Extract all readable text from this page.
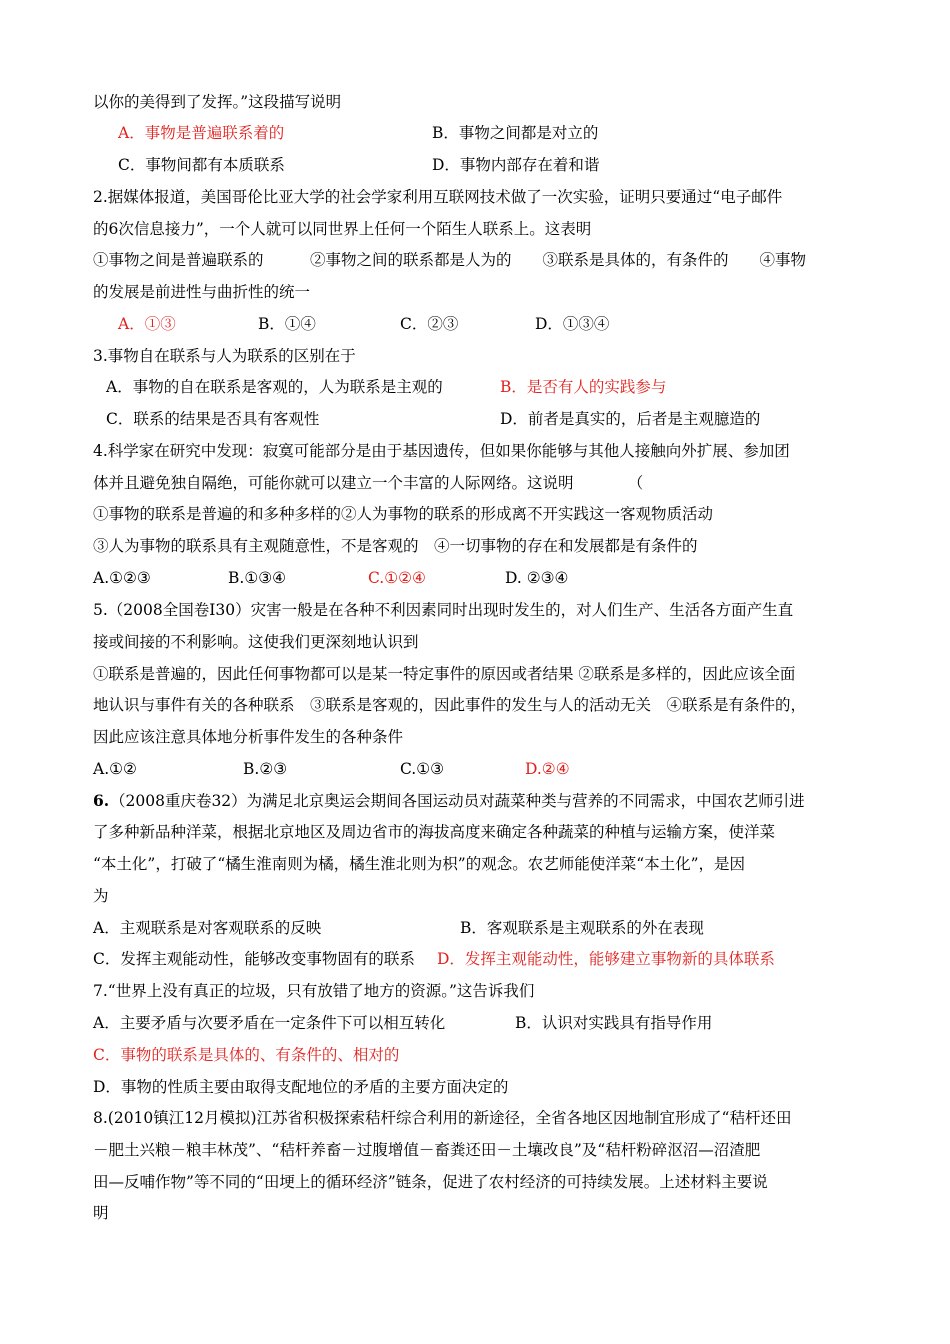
以你的美得到了发挥。”这段描写说明
A．事物是普遍联系着的	B．事物之间都是对立的
C．事物间都有本质联系	D．事物内部存在着和谐
2.据媒体报道，美国哥伦比亚大学的社会学家利用互联网技术做了一次实验，证明只要通过“电子邮件
的6次信息接力”，一个人就可以同世界上任何一个陌生人联系上。这表明
①事物之间是普遍联系的　　　②事物之间的联系都是人为的　　③联系是具体的，有条件的　　④事物
的发展是前进性与曲折性的统一
A．①③	B．①④	C．②③	D．①③④
3.事物自在联系与人为联系的区别在于
A．事物的自在联系是客观的，人为联系是主观的	B．是否有人的实践参与
C．联系的结果是否具有客观性	D．前者是真实的，后者是主观臆造的
4.科学家在研究中发现：寂寞可能部分是由于基因遗传，但如果你能够与其他人接触向外扩展、参加团
体并且避免独自隔绝，可能你就可以建立一个丰富的人际网络。这说明　　　　（
①事物的联系是普遍的和多种多样的②人为事物的联系的形成离不开实践这一客观物质活动
③人为事物的联系具有主观随意性，不是客观的　④一切事物的存在和发展都是有条件的
A.①②③	B.①③④	C.①②④	D. ②③④
5.（2008全国卷Ⅰ30）灾害一般是在各种不利因素同时出现时发生的，对人们生产、生活各方面产生直
接或间接的不利影响。这使我们更深刻地认识到
①联系是普遍的，因此任何事物都可以是某一特定事件的原因或者结果 ②联系是多样的，因此应该全面
地认识与事件有关的各种联系　③联系是客观的，因此事件的发生与人的活动无关　④联系是有条件的，
因此应该注意具体地分析事件发生的各种条件
A.①②	B.②③	C.①③	D.②④
6. （2008重庆卷32）为满足北京奥运会期间各国运动员对蔬菜种类与营养的不同需求，中国农艺师引进
了多种新品种洋菜，根据北京地区及周边省市的海拔高度来确定各种蔬菜的种植与运输方案，使洋菜
“本土化”，打破了“橘生淮南则为橘，橘生淮北则为枳”的观念。农艺师能使洋菜“本土化”，是因
为
A．主观联系是对客观联系的反映	B．客观联系是主观联系的外在表现
C．发挥主观能动性，能够改变事物固有的联系 D．发挥主观能动性，能够建立事物新的具体联系
7.“世界上没有真正的垃圾，只有放错了地方的资源。”这告诉我们
A．主要矛盾与次要矛盾在一定条件下可以相互转化	B．认识对实践具有指导作用
C．事物的联系是具体的、有条件的、相对的
D．事物的性质主要由取得支配地位的矛盾的主要方面决定的
8.(2010镇江12月模拟)江苏省积极探索秸杆综合利用的新途径，全省各地区因地制宜形成了“秸杆还田
－肥土兴粮－粮丰林茂”、“秸杆养畜－过腹增值－畜粪还田－土壤改良”及“秸杆粉碎沤沼—沼渣肥
田—反哺作物”等不同的“田埂上的循环经济”链条，促进了农村经济的可持续发展。上述材料主要说
明
